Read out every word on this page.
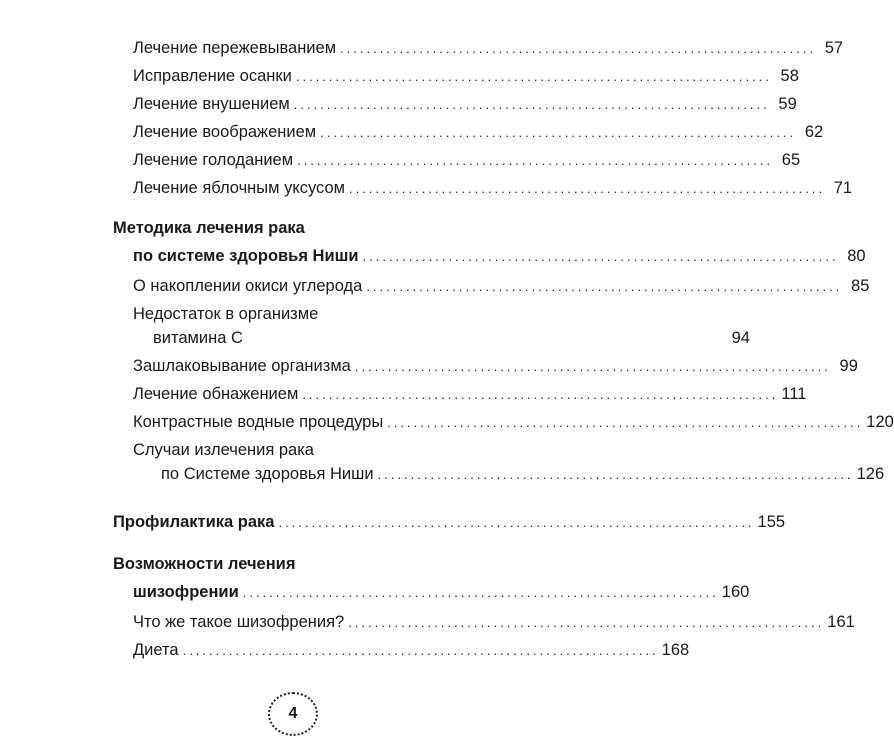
Лечение пережевыванием ........................................................................ 57
Исправление осанки ........................................................................ 58
Лечение внушением ........................................................................ 59
Лечение воображением ........................................................................ 62
Лечение голоданием ........................................................................ 65
Лечение яблочным уксусом ........................................................................ 71
Методика лечения рака
по системе здоровья Ниши ........................................................................ 80
О накоплении окиси углерода ........................................................................ 85
Недостаток в организме
витамина С	94
Зашлаковывание организма ........................................................................ 99
Лечение обнажением ........................................................................ 111
Контрастные водные процедуры ........................................................................ 120
Случаи излечения рака
по Системе здоровья Ниши ........................................................................ 126
Профилактика рака ........................................................................ 155
Возможности лечения
шизофрении ........................................................................ 160
Что же такое шизофрения? ........................................................................ 161
Диета ........................................................................ 168
4
